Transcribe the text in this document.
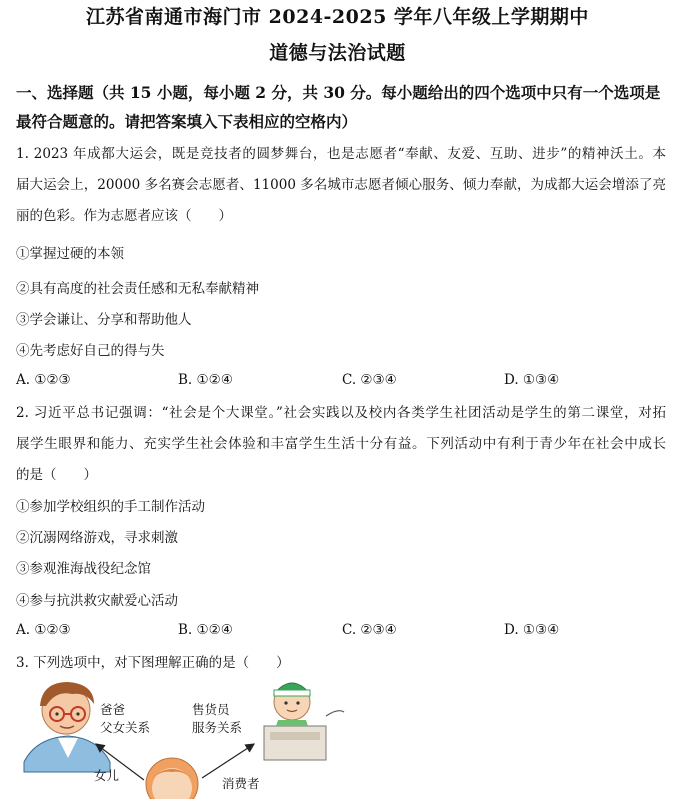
江苏省南通市海门市 2024-2025 学年八年级上学期期中
道德与法治试题
一、选择题（共 15 小题，每小题 2 分，共 30 分。每小题给出的四个选项中只有一个选项是
最符合题意的。请把答案填入下表相应的空格内）
1. 2023 年成都大运会，既是竞技者的圆梦舞台，也是志愿者“奉献、友爱、互助、进步”的精神沃土。本
届大运会上，20000 多名赛会志愿者、11000 多名城市志愿者倾心服务、倾力奉献，为成都大运会增添了亮
丽的色彩。作为志愿者应该（　　）
①掌握过硬的本领
②具有高度的社会责任感和无私奉献精神
③学会谦让、分享和帮助他人
④先考虑好自己的得与失
A. ①②③	B. ①②④	C. ②③④	D. ①③④
2. 习近平总书记强调：“社会是个大课堂。”社会实践以及校内各类学生社团活动是学生的第二课堂，对拓
展学生眼界和能力、充实学生社会体验和丰富学生生活十分有益。下列活动中有利于青少年在社会中成长
的是（　　）
①参加学校组织的手工制作活动
②沉溺网络游戏，寻求刺激
③参观淮海战役纪念馆
④参与抗洪救灾献爱心活动
A. ①②③	B. ①②④	C. ②③④	D. ①③④
3. 下列选项中，对下图理解正确的是（　　）
爸爸
父女关系
售货员
服务关系
女儿
消费者
